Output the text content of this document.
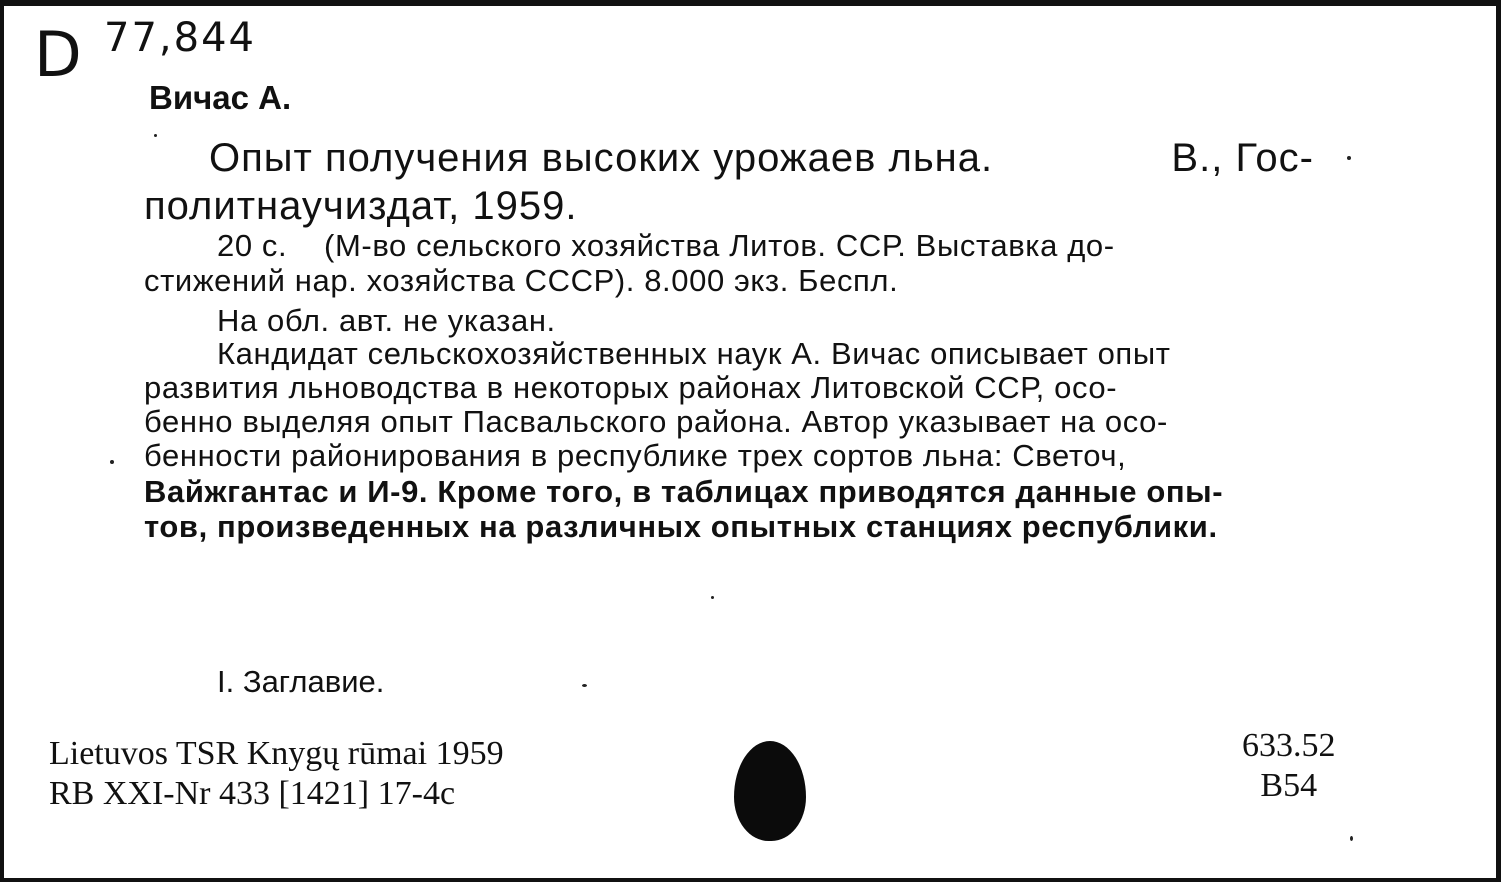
D 77,844
Вичас А.
Опыт получения высоких урожаев льна.	В., Гос-
политнаучиздат, 1959.
20 с.    (М-во сельского хозяйства Литов. ССР. Выставка до-
стижений нар. хозяйства СССР). 8.000 экз. Беспл.
На обл. авт. не указан.
Кандидат сельскохозяйственных наук А. Вичас описывает опыт
развития льноводства в некоторых районах Литовской ССР, осо-
бенно выделяя опыт Пасвальского района. Автор указывает на осо-
бенности районирования в республике трех сортов льна: Светоч,
Вайжгантас и И-9. Кроме того, в таблицах приводятся данные опы-
тов, произведенных на различных опытных станциях республики.
I. Заглавие.
Lietuvos TSR Knygų rūmai 1959
RB XXI-Nr 433 [1421] 17-4c
633.52
В54
